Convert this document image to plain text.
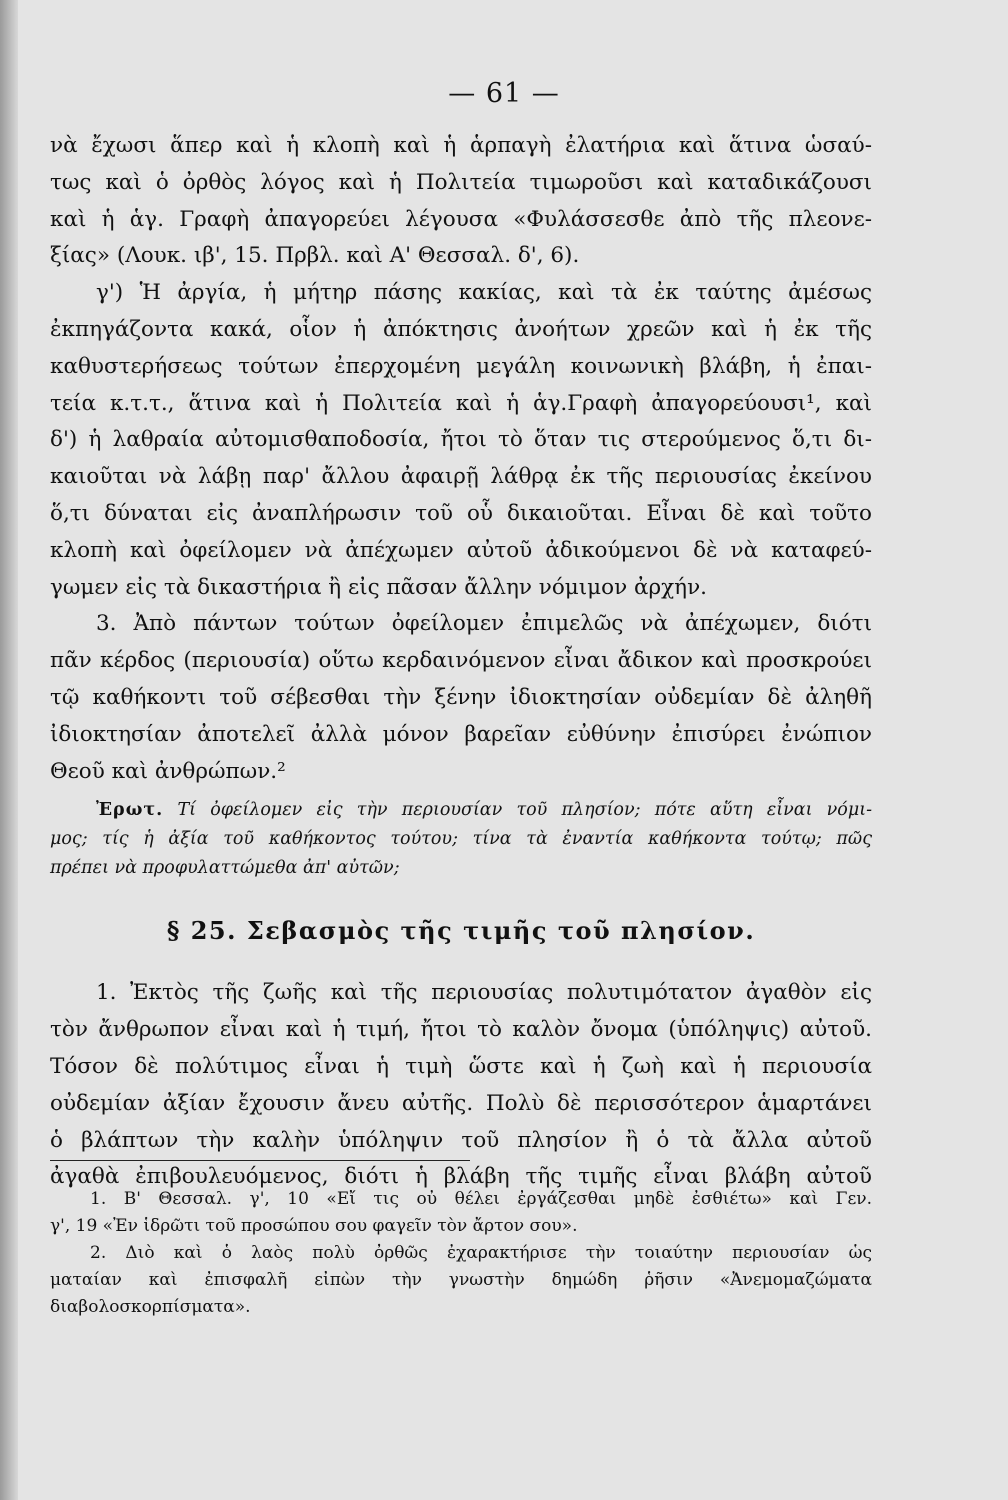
— 61 —
νὰ ἔχωσι ἅπερ καὶ ἡ κλοπὴ καὶ ἡ ἁρπαγὴ ἐλατήρια καὶ ἅτινα ὡσαύ-
τως καὶ ὁ ὀρθὸς λόγος καὶ ἡ Πολιτεία τιμωροῦσι καὶ καταδικάζουσι
καὶ ἡ ἁγ. Γραφὴ ἀπαγορεύει λέγουσα «Φυλάσσεσθε ἀπὸ τῆς πλεονε-
ξίας» (Λουκ. ιβ', 15. Πρβλ. καὶ Α' Θεσσαλ. δ', 6).
γ') Ἡ ἀργία, ἡ μήτηρ πάσης κακίας, καὶ τὰ ἐκ ταύτης ἀμέσως
ἐκπηγάζοντα κακά, οἷον ἡ ἀπόκτησις ἀνοήτων χρεῶν καὶ ἡ ἐκ τῆς
καθυστερήσεως τούτων ἐπερχομένη μεγάλη κοινωνικὴ βλάβη, ἡ ἐπαι-
τεία κ.τ.τ., ἅτινα καὶ ἡ Πολιτεία καὶ ἡ ἁγ.Γραφὴ ἀπαγορεύουσι¹, καὶ
δ') ἡ λαθραία αὐτομισθαποδοσία, ἤτοι τὸ ὅταν τις στερούμενος ὅ,τι δι-
καιοῦται νὰ λάβῃ παρ' ἄλλου ἀφαιρῇ λάθρᾳ ἐκ τῆς περιουσίας ἐκείνου
ὅ,τι δύναται εἰς ἀναπλήρωσιν τοῦ οὗ δικαιοῦται. Εἶναι δὲ καὶ τοῦτο
κλοπὴ καὶ ὀφείλομεν νὰ ἀπέχωμεν αὐτοῦ ἀδικούμενοι δὲ νὰ καταφεύ-
γωμεν εἰς τὰ δικαστήρια ἢ εἰς πᾶσαν ἄλλην νόμιμον ἀρχήν.
3. Ἀπὸ πάντων τούτων ὀφείλομεν ἐπιμελῶς νὰ ἀπέχωμεν, διότι
πᾶν κέρδος (περιουσία) οὕτω κερδαινόμενον εἶναι ἄδικον καὶ προσκρούει
τῷ καθήκοντι τοῦ σέβεσθαι τὴν ξένην ἰδιοκτησίαν οὐδεμίαν δὲ ἀληθῆ
ἰδιοκτησίαν ἀποτελεῖ ἀλλὰ μόνον βαρεῖαν εὐθύνην ἐπισύρει ἐνώπιον
Θεοῦ καὶ ἀνθρώπων.²
Ἐρωτ. Τί ὀφείλομεν εἰς τὴν περιουσίαν τοῦ πλησίον; πότε αὕτη εἶναι νόμι-
μος; τίς ἡ ἀξία τοῦ καθήκοντος τούτου; τίνα τὰ ἐναντία καθήκοντα τούτῳ; πῶς
πρέπει νὰ προφυλαττώμεθα ἀπ' αὐτῶν;
§ 25. Σεβασμὸς τῆς τιμῆς τοῦ πλησίον.
1. Ἐκτὸς τῆς ζωῆς καὶ τῆς περιουσίας πολυτιμότατον ἀγαθὸν εἰς
τὸν ἄνθρωπον εἶναι καὶ ἡ τιμή, ἤτοι τὸ καλὸν ὄνομα (ὑπόληψις) αὐτοῦ.
Τόσον δὲ πολύτιμος εἶναι ἡ τιμὴ ὥστε καὶ ἡ ζωὴ καὶ ἡ περιουσία
οὐδεμίαν ἀξίαν ἔχουσιν ἄνευ αὐτῆς. Πολὺ δὲ περισσότερον ἁμαρτάνει
ὁ βλάπτων τὴν καλὴν ὑπόληψιν τοῦ πλησίον ἢ ὁ τὰ ἄλλα αὐτοῦ
ἀγαθὰ ἐπιβουλευόμενος, διότι ἡ βλάβη τῆς τιμῆς εἶναι βλάβη αὐτοῦ
1. Β' Θεσσαλ. γ', 10 «Εἴ τις οὐ θέλει ἐργάζεσθαι μηδὲ ἐσθιέτω» καὶ Γεν.
γ', 19 «Ἐν ἱδρῶτι τοῦ προσώπου σου φαγεῖν τὸν ἄρτον σου».
2. Διὸ καὶ ὁ λαὸς πολὺ ὀρθῶς ἐχαρακτήρισε τὴν τοιαύτην περιουσίαν ὡς
ματαίαν καὶ ἐπισφαλῆ εἰπὼν τὴν γνωστὴν δημώδη ῥῆσιν «Ἀνεμομαζώματα
διαβολοσκορπίσματα».
